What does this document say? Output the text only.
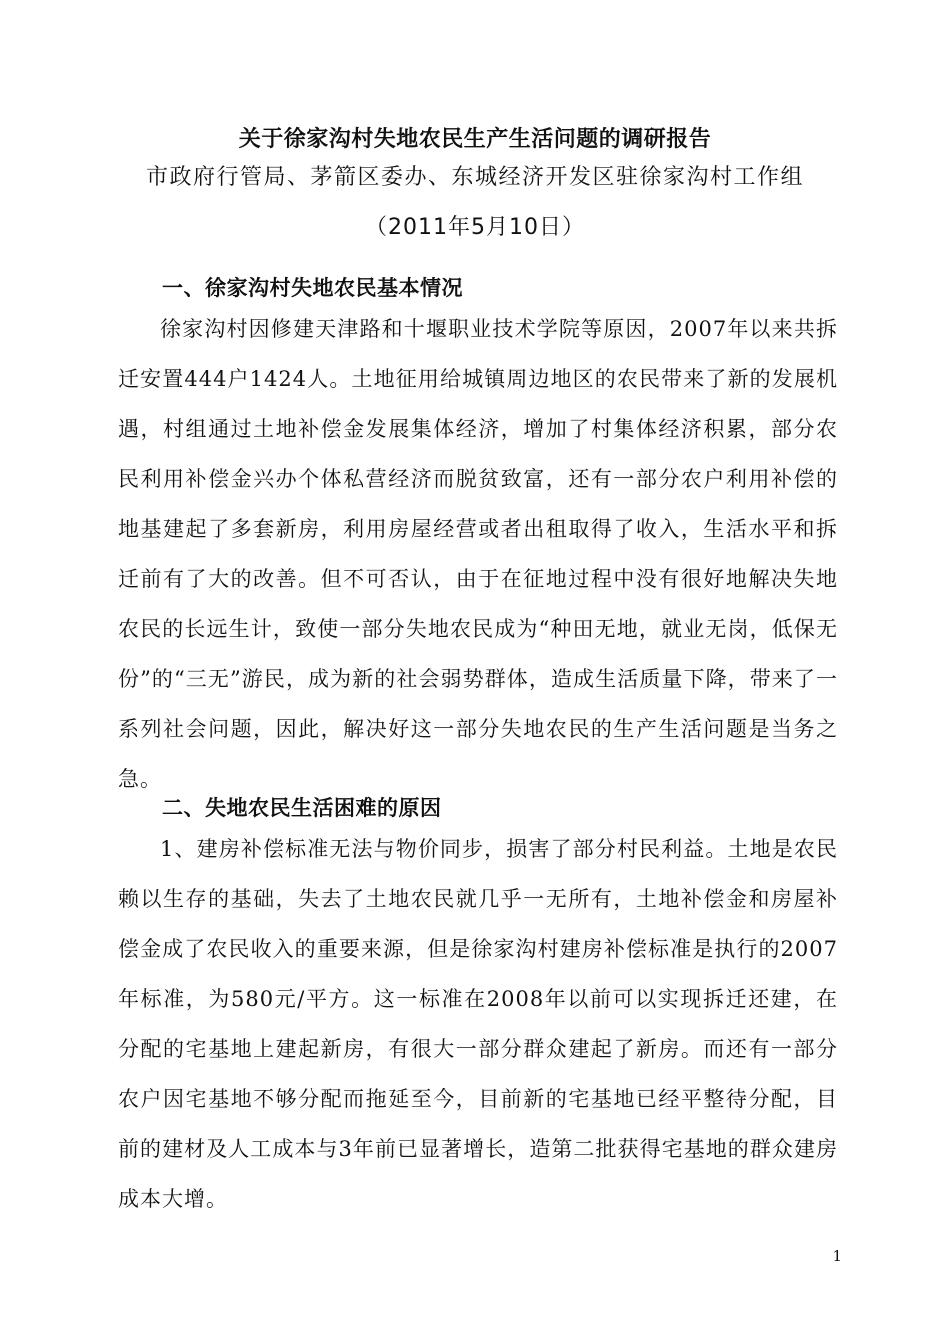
关于徐家沟村失地农民生产生活问题的调研报告
市政府行管局、茅箭区委办、东城经济开发区驻徐家沟村工作组
（2011年5月10日）
一、徐家沟村失地农民基本情况
徐家沟村因修建天津路和十堰职业技术学院等原因，2007年以来共拆迁安置444户1424人。土地征用给城镇周边地区的农民带来了新的发展机遇，村组通过土地补偿金发展集体经济，增加了村集体经济积累，部分农民利用补偿金兴办个体私营经济而脱贫致富，还有一部分农户利用补偿的地基建起了多套新房，利用房屋经营或者出租取得了收入，生活水平和拆迁前有了大的改善。但不可否认，由于在征地过程中没有很好地解决失地农民的长远生计，致使一部分失地农民成为“种田无地，就业无岗，低保无份”的“三无”游民，成为新的社会弱势群体，造成生活质量下降，带来了一系列社会问题，因此，解决好这一部分失地农民的生产生活问题是当务之急。
二、失地农民生活困难的原因
1、建房补偿标准无法与物价同步，损害了部分村民利益。土地是农民赖以生存的基础，失去了土地农民就几乎一无所有，土地补偿金和房屋补偿金成了农民收入的重要来源，但是徐家沟村建房补偿标准是执行的2007年标准，为580元/平方。这一标准在2008年以前可以实现拆迁还建，在分配的宅基地上建起新房，有很大一部分群众建起了新房。而还有一部分农户因宅基地不够分配而拖延至今，目前新的宅基地已经平整待分配，目前的建材及人工成本与3年前已显著增长，造第二批获得宅基地的群众建房成本大增。
1
